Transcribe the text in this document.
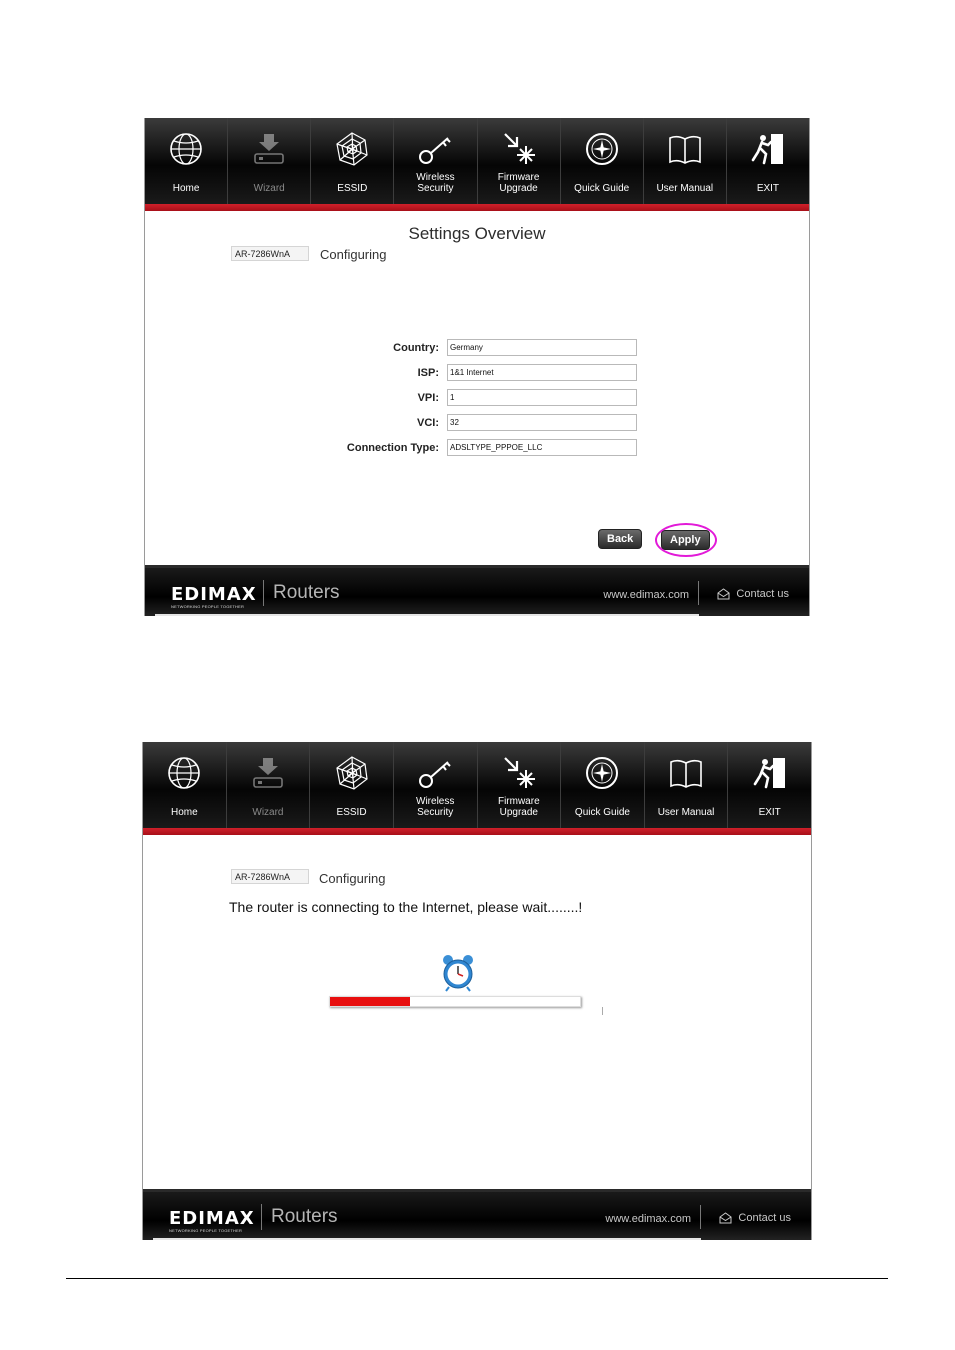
Home	Wizard	ESSID
Wireless
Security
Firmware
Upgrade	Quick Guide	User Manual	EXIT
Settings Overview
AR-7286WnA	Configuring
Country:
Germany
ISP:
1&1 Internet
VPI:
1
VCI:
32
Connection Type:
ADSLTYPE_PPPOE_LLC
Back	Apply
EDIMAX
NETWORKING PEOPLE TOGETHER
Routers	www.edimax.com	Contact us
Home	Wizard	ESSID
Wireless
Security
Firmware
Upgrade	Quick Guide	User Manual	EXIT
AR-7286WnA	Configuring
The router is connecting to the Internet, please wait........!
EDIMAX
NETWORKING PEOPLE TOGETHER
Routers	www.edimax.com	Contact us
